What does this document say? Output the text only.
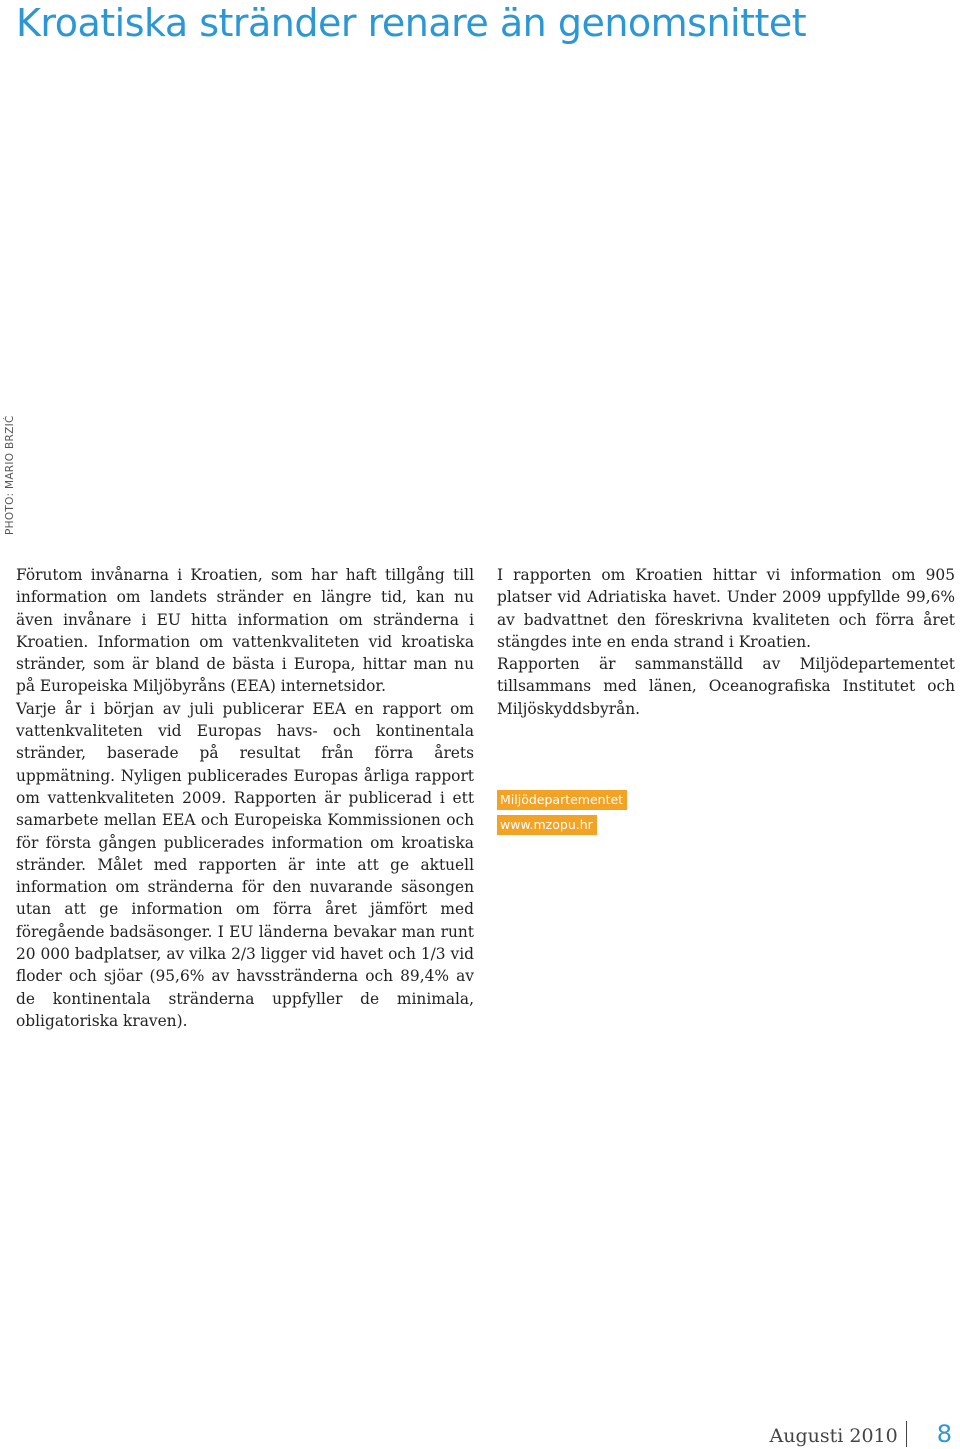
Kroatiska stränder renare än genomsnittet
PHOTO: MARIO BRZIĆ

Förutom invånarna i Kroatien, som har haft tillgång till information om landets stränder en längre tid, kan nu även invånare i EU hitta information om stränderna i Kroatien. Information om vattenkvaliteten vid kroatiska stränder, som är bland de bästa i Europa, hittar man nu på Europeiska Miljöbyråns (EEA) internetsidor.

Varje år i början av juli publicerar EEA en rapport om vattenkvaliteten vid Europas havs- och kontinentala stränder, baserade på resultat från förra årets uppmätning. Nyligen publicerades Europas årliga rapport om vattenkvaliteten 2009. Rapporten är publicerad i ett samarbete mellan EEA och Europeiska Kommissionen och för första gången publicerades information om kroatiska stränder. Målet med rapporten är inte att ge aktuell information om stränderna för den nuvarande säsongen utan att ge information om förra året jämfört med föregående badsäsonger. I EU länderna bevakar man runt 20 000 badplatser, av vilka 2/3 ligger vid havet och 1/3 vid floder och sjöar (95,6% av havsstränderna och 89,4% av de kontinentala stränderna uppfyller de minimala, obligatoriska kraven).

I rapporten om Kroatien hittar vi information om 905 platser vid Adriatiska havet. Under 2009 uppfyllde 99,6% av badvattnet den föreskrivna kvaliteten och förra året stängdes inte en enda strand i Kroatien.

Rapporten är sammanställd av Miljödepartementet tillsammans med länen, Oceanografiska Institutet och Miljöskyddsbyrån.

Miljödepartementet
www.mzopu.hr
Augusti 2010 8
